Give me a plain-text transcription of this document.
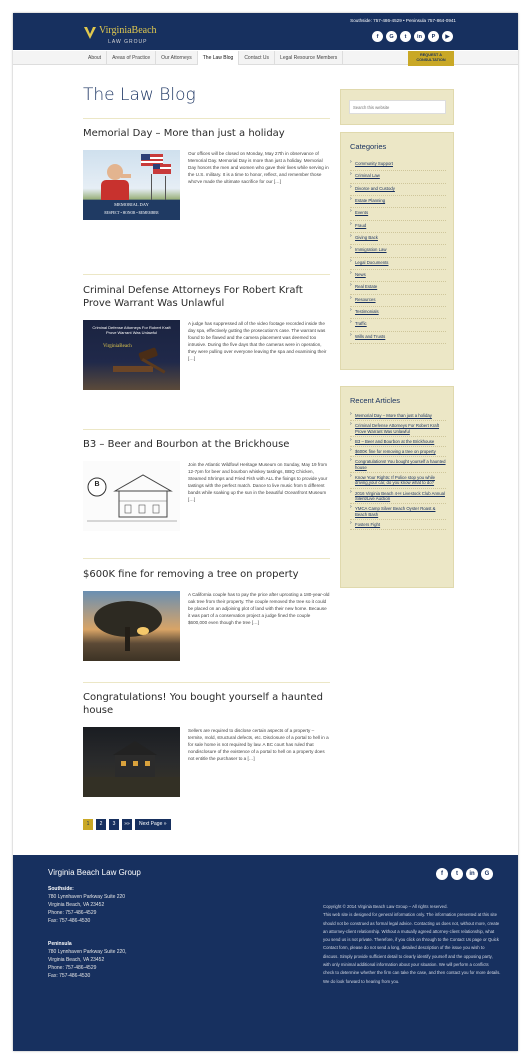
VirginiaBeach
LAW GROUP
Southside: 757-486-4529 • Peninsula 757-864-0941
f	G	t	in	P	▶
About	Areas of Practice	Our Attorneys	The Law Blog	Contact Us	Legal Resource Members	REQUEST A CONSULTATION
The Law Blog
Memorial Day – More than just a holiday
MEMORIAL DAY
RESPECT • HONOR • REMEMBER

Our offices will be closed on Monday, May 27th in observance of Memorial Day. Memorial Day is more than just a holiday. Memorial Day honors the men and women who gave their lives while serving in the U.S. military. It is a time to honor, reflect, and remember those who've made the ultimate sacrifice for our […]

Criminal Defense Attorneys For Robert Kraft Prove Warrant Was Unlawful
Criminal Defense Attorneys For Robert Kraft Prove Warrant Was Unlawful
VirginiaBeach

A judge has suppressed all of the video footage recorded inside the day spa, effectively gutting the prosecution's case. The warrant was found to be flawed and the camera placement was deemed too intrusive. During the five days that the cameras were in operation, they were pulling over everyone leaving the spa and examining their […]

B3 – Beer and Bourbon at the Brickhouse
B

Join the Atlantic Wildfowl Heritage Museum on Sunday, May 19 from 12-7pm for beer and bourbon whiskey tastings, BBQ Chicken, Steamed Shrimps and Fried Fish with ALL the fixings to provide your tastings with the perfect match. Dance to live music from 5 different bands while soaking up the sun in the beautiful Oceanfront Museum […]

$600K fine for removing a tree on property

A California couple has to pay the price after uprooting a 180-year-old oak tree from their property. The couple removed the tree so it could be placed on an adjoining plot of land with their new home. Because it was part of a conservation project a judge fined the couple $600,000 even though the tree […]

Congratulations! You bought yourself a haunted house

Sellers are required to disclose certain aspects of a property – termite, mold, structural defects, etc. Disclosure of a portal to hell in a for sale home is not required by law. A BC court has ruled that nondisclosure of the existence of a portal to hell on a property does not entitle the purchaser to a […]

1	2	3	»»	Next Page »
Search this website
Categories
› Community Support
› Criminal Law
› Divorce and Custody
› Estate Planning
› Events
› Fraud
› Giving Back
› Immigration Law
› Legal Documents
› News
› Real Estate
› Resources
› Testimonials
› Traffic
› Wills and Trusts
Recent Articles
› Memorial Day – More than just a holiday
› Criminal Defense Attorneys For Robert Kraft Prove Warrant Was Unlawful
› B3 – Beer and Bourbon at the Brickhouse
› $600K fine for removing a tree on property
› Congratulations! You bought yourself a haunted house
› Know Your Rights: If Police stop you while driving,your car, do you know what to do?
› 2016 Virginia Beach 4-H Livestock Club Annual Silent/Live Auction
› YMCA Camp Silver Beach Oyster Roast & Beach Bash
› Fosters Fight
Virginia Beach Law Group
Southside:
780 Lynnhaven Parkway Suite 220
Virginia Beach, VA 23452
Phone: 757-486-4529
Fax: 757-486-4530
Peninsula
780 Lynnhaven Parkway Suite 220,
Virginia Beach, VA 23452
Phone: 757-486-4529
Fax: 757-486-4530
f	t	in	G
Copyright © 2014 Virginia Beach Law Group – All rights reserved.
This web site is designed for general information only. The information presented at this site should not be construed as formal legal advice. Contacting us does not, without more, create an attorney-client relationship. Without a mutually agreed attorney-client relationship, what you send us is not private. Therefore, if you click on through to the Contact Us page or Quick Contact form, please do not send a long, detailed description of the issue you wish to discuss. Simply provide sufficient detail to clearly identify yourself and the opposing party, with only minimal additional information about your situation. We will perform a conflicts check to determine whether the firm can take the case, and then contact you for more details. We do look forward to hearing from you.
